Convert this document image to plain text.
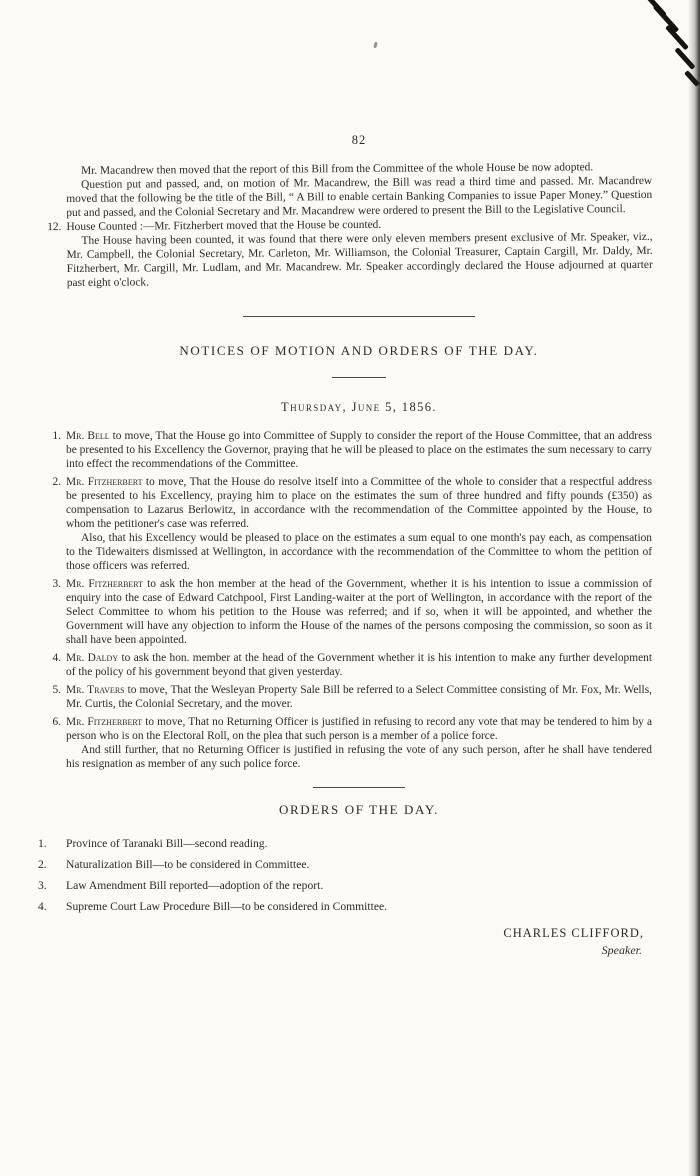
82

Mr. Macandrew then moved that the report of this Bill from the Committee of the whole House be now adopted.

Question put and passed, and, on motion of Mr. Macandrew, the Bill was read a third time and passed. Mr. Macandrew moved that the following be the title of the Bill, “ A Bill to enable certain Banking Companies to issue Paper Money.” Question put and passed, and the Colonial Secretary and Mr. Macandrew were ordered to present the Bill to the Legislative Council.

12. House Counted :—Mr. Fitzherbert moved that the House be counted.

The House having been counted, it was found that there were only eleven members present exclusive of Mr. Speaker, viz., Mr. Campbell, the Colonial Secretary, Mr. Carleton, Mr. Williamson, the Colonial Treasurer, Captain Cargill, Mr. Daldy, Mr. Fitzherbert, Mr. Cargill, Mr. Ludlam, and Mr. Macandrew. Mr. Speaker accordingly declared the House adjourned at quarter past eight o'clock.

NOTICES OF MOTION AND ORDERS OF THE DAY.
Thursday, June 5, 1856.
1. Mr. Bell to move, That the House go into Committee of Supply to consider the report of the House Committee, that an address be presented to his Excellency the Governor, praying that he will be pleased to place on the estimates the sum necessary to carry into effect the recommendations of the Committee.

2. Mr. Fitzherbert to move, That the House do resolve itself into a Committee of the whole to consider that a respectful address be presented to his Excellency, praying him to place on the estimates the sum of three hundred and fifty pounds (£350) as compensation to Lazarus Berlowitz, in accordance with the recommendation of the Committee appointed by the House, to whom the petitioner's case was referred.

Also, that his Excellency would be pleased to place on the estimates a sum equal to one month's pay each, as compensation to the Tidewaiters dismissed at Wellington, in accordance with the recommendation of the Committee to whom the petition of those officers was referred.

3. Mr. Fitzherbert to ask the hon member at the head of the Government, whether it is his intention to issue a commission of enquiry into the case of Edward Catchpool, First Landing-waiter at the port of Wellington, in accordance with the report of the Select Committee to whom his petition to the House was referred; and if so, when it will be appointed, and whether the Government will have any objection to inform the House of the names of the persons composing the commission, so soon as it shall have been appointed.

4. Mr. Daldy to ask the hon. member at the head of the Government whether it is his intention to make any further development of the policy of his government beyond that given yesterday.

5. Mr. Travers to move, That the Wesleyan Property Sale Bill be referred to a Select Committee consisting of Mr. Fox, Mr. Wells, Mr. Curtis, the Colonial Secretary, and the mover.

6. Mr. Fitzherbert to move, That no Returning Officer is justified in refusing to record any vote that may be tendered to him by a person who is on the Electoral Roll, on the plea that such person is a member of a police force.

And still further, that no Returning Officer is justified in refusing the vote of any such person, after he shall have tendered his resignation as member of any such police force.

ORDERS OF THE DAY.
1.	Province of Taranaki Bill—second reading.

2.	Naturalization Bill—to be considered in Committee.

3.	Law Amendment Bill reported—adoption of the report.

4.	Supreme Court Law Procedure Bill—to be considered in Committee.

CHARLES CLIFFORD,
Speaker.
